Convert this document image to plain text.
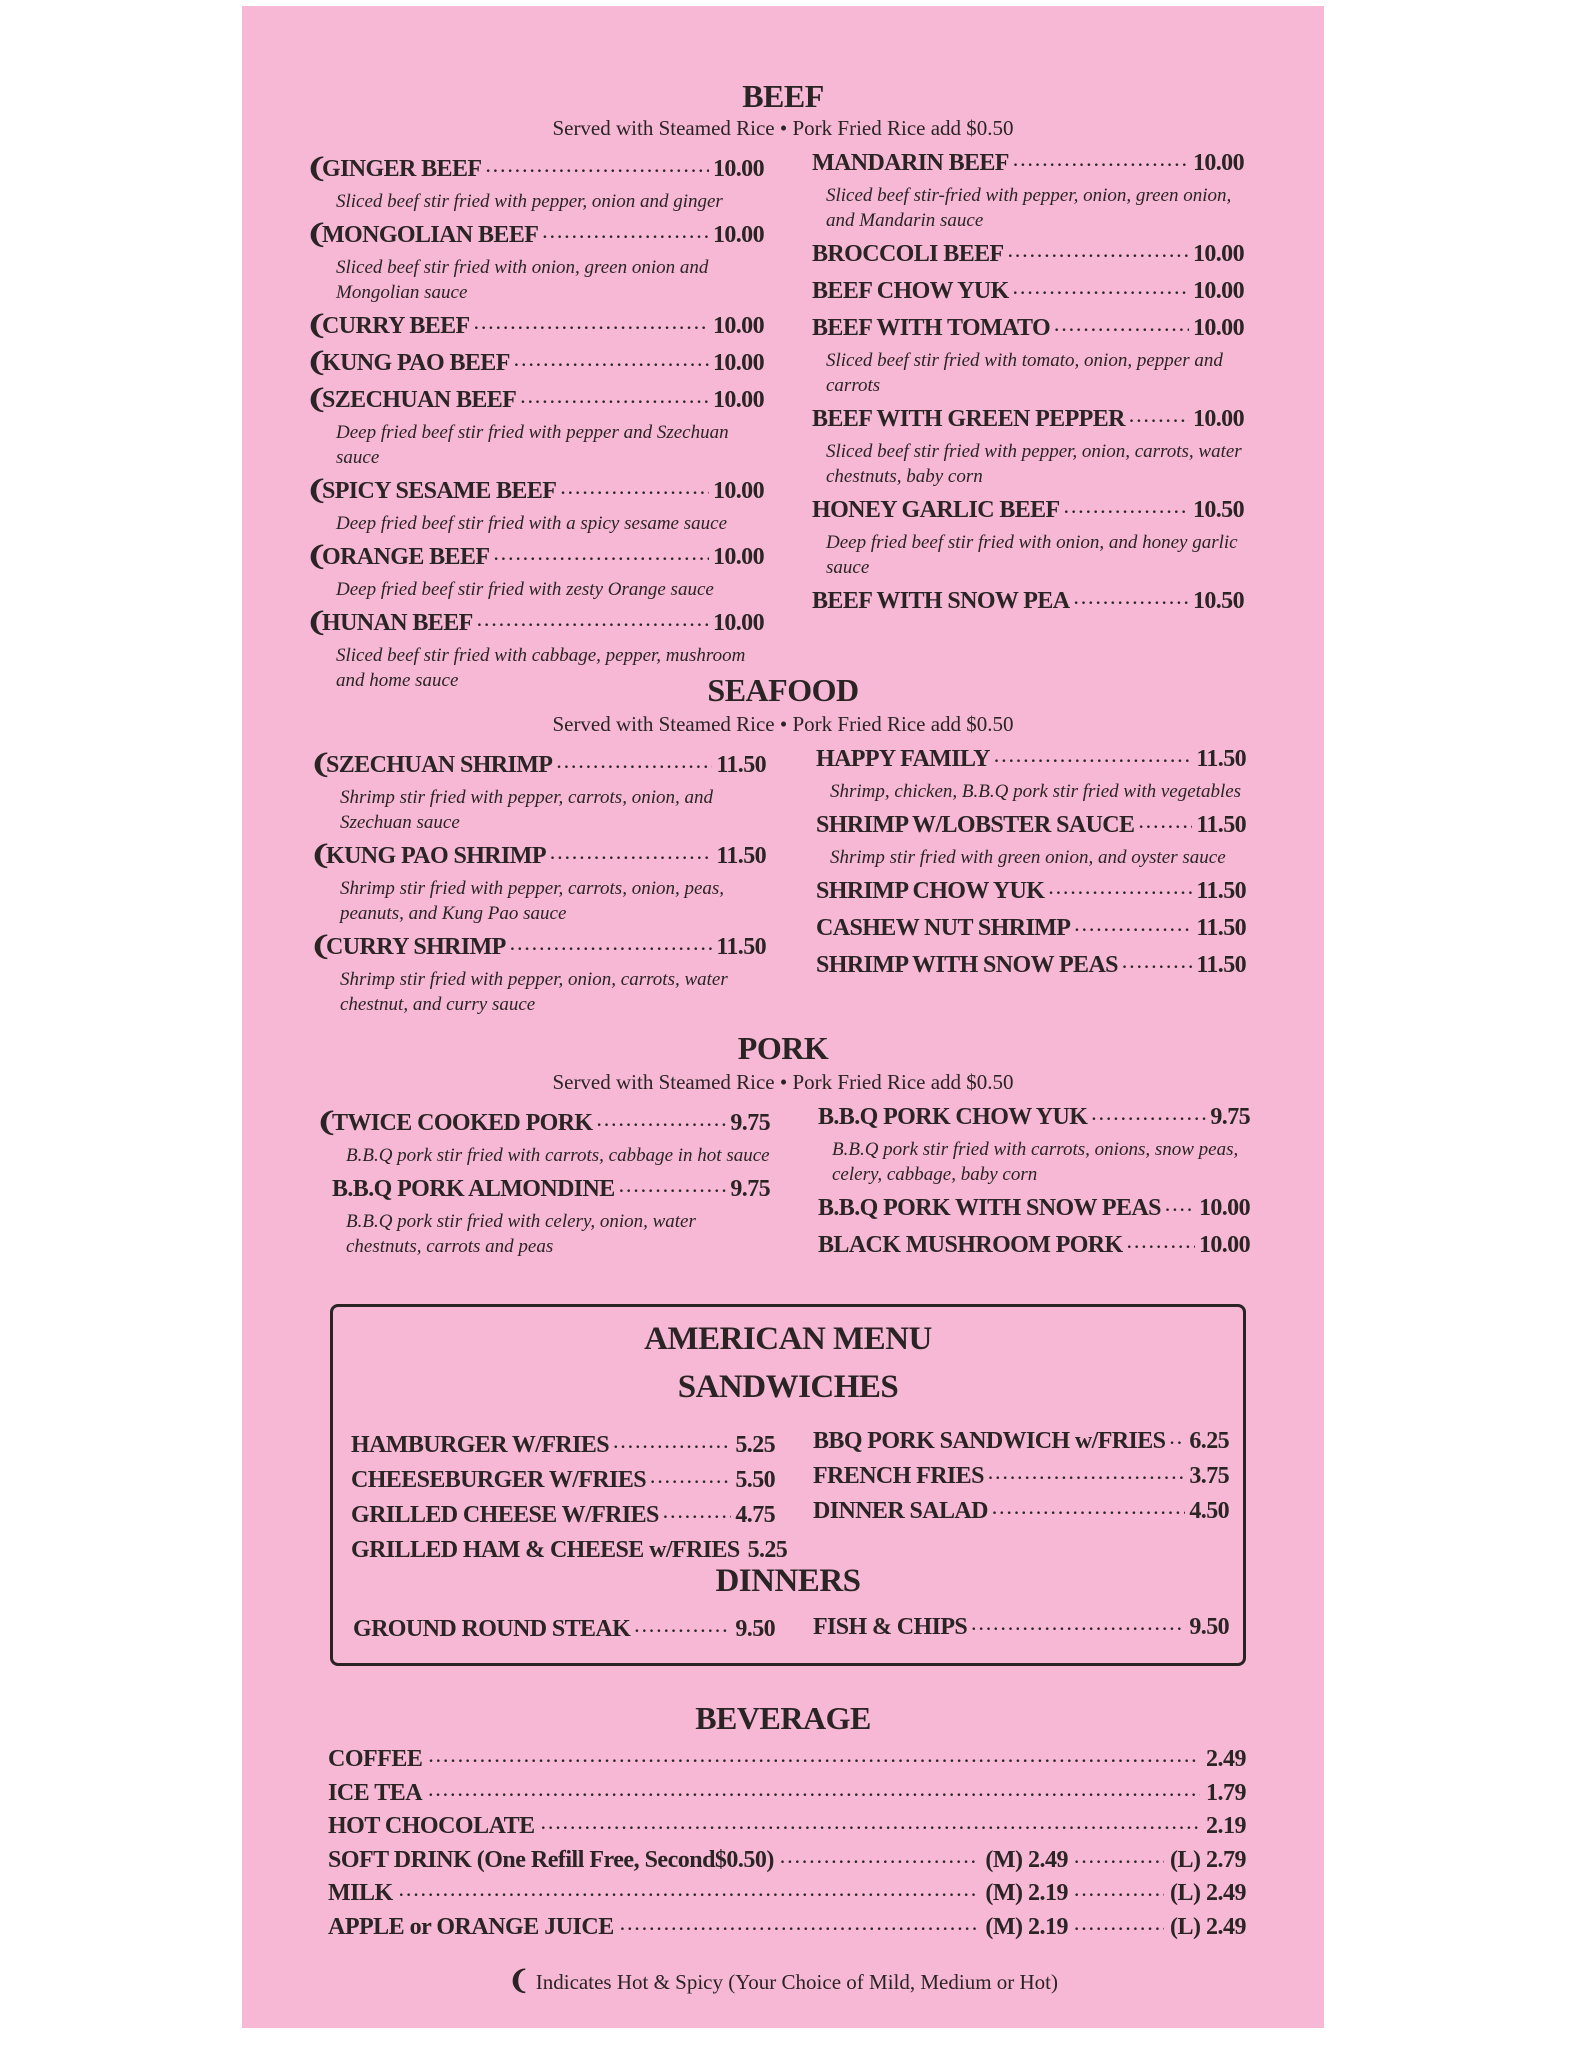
BEEF
Served with Steamed Rice • Pork Fried Rice add $0.50
❨
GINGER BEEF ·····	10.00
Sliced beef stir fried with pepper, onion and ginger
❨
MONGOLIAN BEEF ·····	10.00
Sliced beef stir fried with onion, green onion and Mongolian sauce
❨
CURRY BEEF ·····	10.00
❨
KUNG PAO BEEF ·····	10.00
❨
SZECHUAN BEEF ·····	10.00
Deep fried beef stir fried with pepper and Szechuan sauce
❨
SPICY SESAME BEEF ·····	10.00
Deep fried beef stir fried with a spicy sesame sauce
❨
ORANGE BEEF ·····	10.00
Deep fried beef stir fried with zesty Orange sauce
❨
HUNAN BEEF ·····	10.00
Sliced beef stir fried with cabbage, pepper, mushroom and home sauce
MANDARIN BEEF ·····	10.00
Sliced beef stir-fried with pepper, onion, green onion, and Mandarin sauce
BROCCOLI BEEF ·····	10.00
BEEF CHOW YUK ·····	10.00
BEEF WITH TOMATO ·····	10.00
Sliced beef stir fried with tomato, onion, pepper and carrots
BEEF WITH GREEN PEPPER ·····	10.00
Sliced beef stir fried with pepper, onion, carrots, water chestnuts, baby corn
HONEY GARLIC BEEF ·····	10.50
Deep fried beef stir fried with onion, and honey garlic sauce
BEEF WITH SNOW PEA ·····	10.50
SEAFOOD
Served with Steamed Rice • Pork Fried Rice add $0.50
❨
SZECHUAN SHRIMP ·····	11.50
Shrimp stir fried with pepper, carrots, onion, and Szechuan sauce
❨
KUNG PAO SHRIMP ·····	11.50
Shrimp stir fried with pepper, carrots, onion, peas, peanuts, and Kung Pao sauce
❨
CURRY SHRIMP ·····	11.50
Shrimp stir fried with pepper, onion, carrots, water chestnut, and curry sauce
HAPPY FAMILY ·····	11.50
Shrimp, chicken, B.B.Q pork stir fried with vegetables
SHRIMP W/LOBSTER SAUCE ·····	11.50
Shrimp stir fried with green onion, and oyster sauce
SHRIMP CHOW YUK ·····	11.50
CASHEW NUT SHRIMP ·····	11.50
SHRIMP WITH SNOW PEAS ·····	11.50
PORK
Served with Steamed Rice • Pork Fried Rice add $0.50
❨
TWICE COOKED PORK ·····	9.75
B.B.Q pork stir fried with carrots, cabbage in hot sauce
B.B.Q PORK ALMONDINE ·····	9.75
B.B.Q pork stir fried with celery, onion, water chestnuts, carrots and peas
B.B.Q PORK CHOW YUK ·····	9.75
B.B.Q pork stir fried with carrots, onions, snow peas, celery, cabbage, baby corn
B.B.Q PORK WITH SNOW PEAS ····· 10.00
BLACK MUSHROOM PORK ·····	10.00
AMERICAN MENU
SANDWICHES
HAMBURGER W/FRIES ·····	5.25
CHEESEBURGER W/FRIES ·····	5.50
GRILLED CHEESE W/FRIES ·····	4.75
GRILLED HAM & CHEESE w/FRIES 5.25
BBQ PORK SANDWICH w/FRIES ····· 6.25
FRENCH FRIES ·····	3.75
DINNER SALAD ·····	4.50
DINNERS
GROUND ROUND STEAK ·····	9.50 FISH & CHIPS ·····	9.50
BEVERAGE
COFFEE ·····	2.49
ICE TEA ·····	1.79
HOT CHOCOLATE ·····	2.19
SOFT DRINK (One Refill Free, Second$0.50) ·····	(M) 2.49 ·····	(L) 2.79
MILK ·····	(M) 2.19 ·····	(L) 2.49
APPLE or ORANGE JUICE ·····	(M) 2.19 ·····	(L) 2.49
❨ Indicates Hot & Spicy (Your Choice of Mild, Medium or Hot)
